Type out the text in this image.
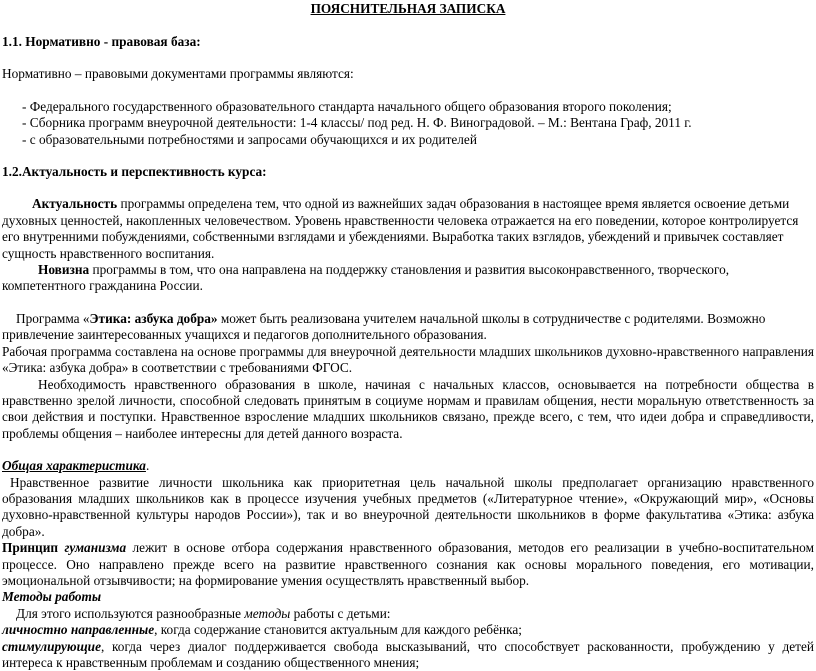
ПОЯСНИТЕЛЬНАЯ ЗАПИСКА

1.1. Нормативно - правовая база:

Нормативно – правовыми документами программы являются:

- Федерального государственного образовательного стандарта начального общего образования второго поколения;

- Сборника программ внеурочной деятельности: 1-4 классы/ под ред. Н. Ф. Виноградовой. – М.: Вентана Граф, 2011 г.

- с образовательными потребностями и запросами обучающихся и их родителей

1.2.Актуальность и перспективность курса:

Актуальность программы определена тем, что одной из важнейших задач образования в настоящее время является освоение детьми духовных ценностей, накопленных человечеством. Уровень нравственности человека отражается на его поведении, которое контролируется его внутренними побуждениями, собственными взглядами и убеждениями. Выработка таких взглядов, убеждений и привычек составляет сущность нравственного воспитания.

Новизна программы в том, что она направлена на поддержку становления и развития высоконравственного, творческого, компетентного гражданина России.

Программа «Этика: азбука добра» может быть реализована учителем начальной школы в сотрудничестве с родителями. Возможно привлечение заинтересованных учащихся и педагогов дополнительного образования.

Рабочая программа составлена на основе программы для внеурочной деятельности младших школьников духовно-нравственного направления «Этика: азбука добра» в соответствии с требованиями ФГОС.

Необходимость нравственного образования в школе, начиная с начальных классов, основывается на потребности общества в нравственно зрелой личности, способной следовать принятым в социуме нормам и правилам общения, нести моральную ответственность за свои действия и поступки. Нравственное взросление младших школьников связано, прежде всего, с тем, что идеи добра и справедливости, проблемы общения – наиболее интересны для детей данного возраста.

Общая характеристика.

Нравственное развитие личности школьника как приоритетная цель начальной школы предполагает организацию нравственного образования младших школьников как в процессе изучения учебных предметов («Литературное чтение», «Окружающий мир», «Основы духовно-нравственной культуры народов России»), так и во внеурочной деятельности школьников в форме факультатива «Этика: азбука добра».

Принцип гуманизма лежит в основе отбора содержания нравственного образования, методов его реализации в учебно-воспитательном процессе. Оно направлено прежде всего на развитие нравственного сознания как основы морального поведения, его мотивации, эмоциональной отзывчивости; на формирование умения осуществлять нравственный выбор.

Методы работы

Для этого используются разнообразные методы работы с детьми:

личностно направленные, когда содержание становится актуальным для каждого ребёнка;

стимулирующие, когда через диалог поддерживается свобода высказываний, что способствует раскованности, пробуждению у детей интереса к нравственным проблемам и созданию общественного мнения;
